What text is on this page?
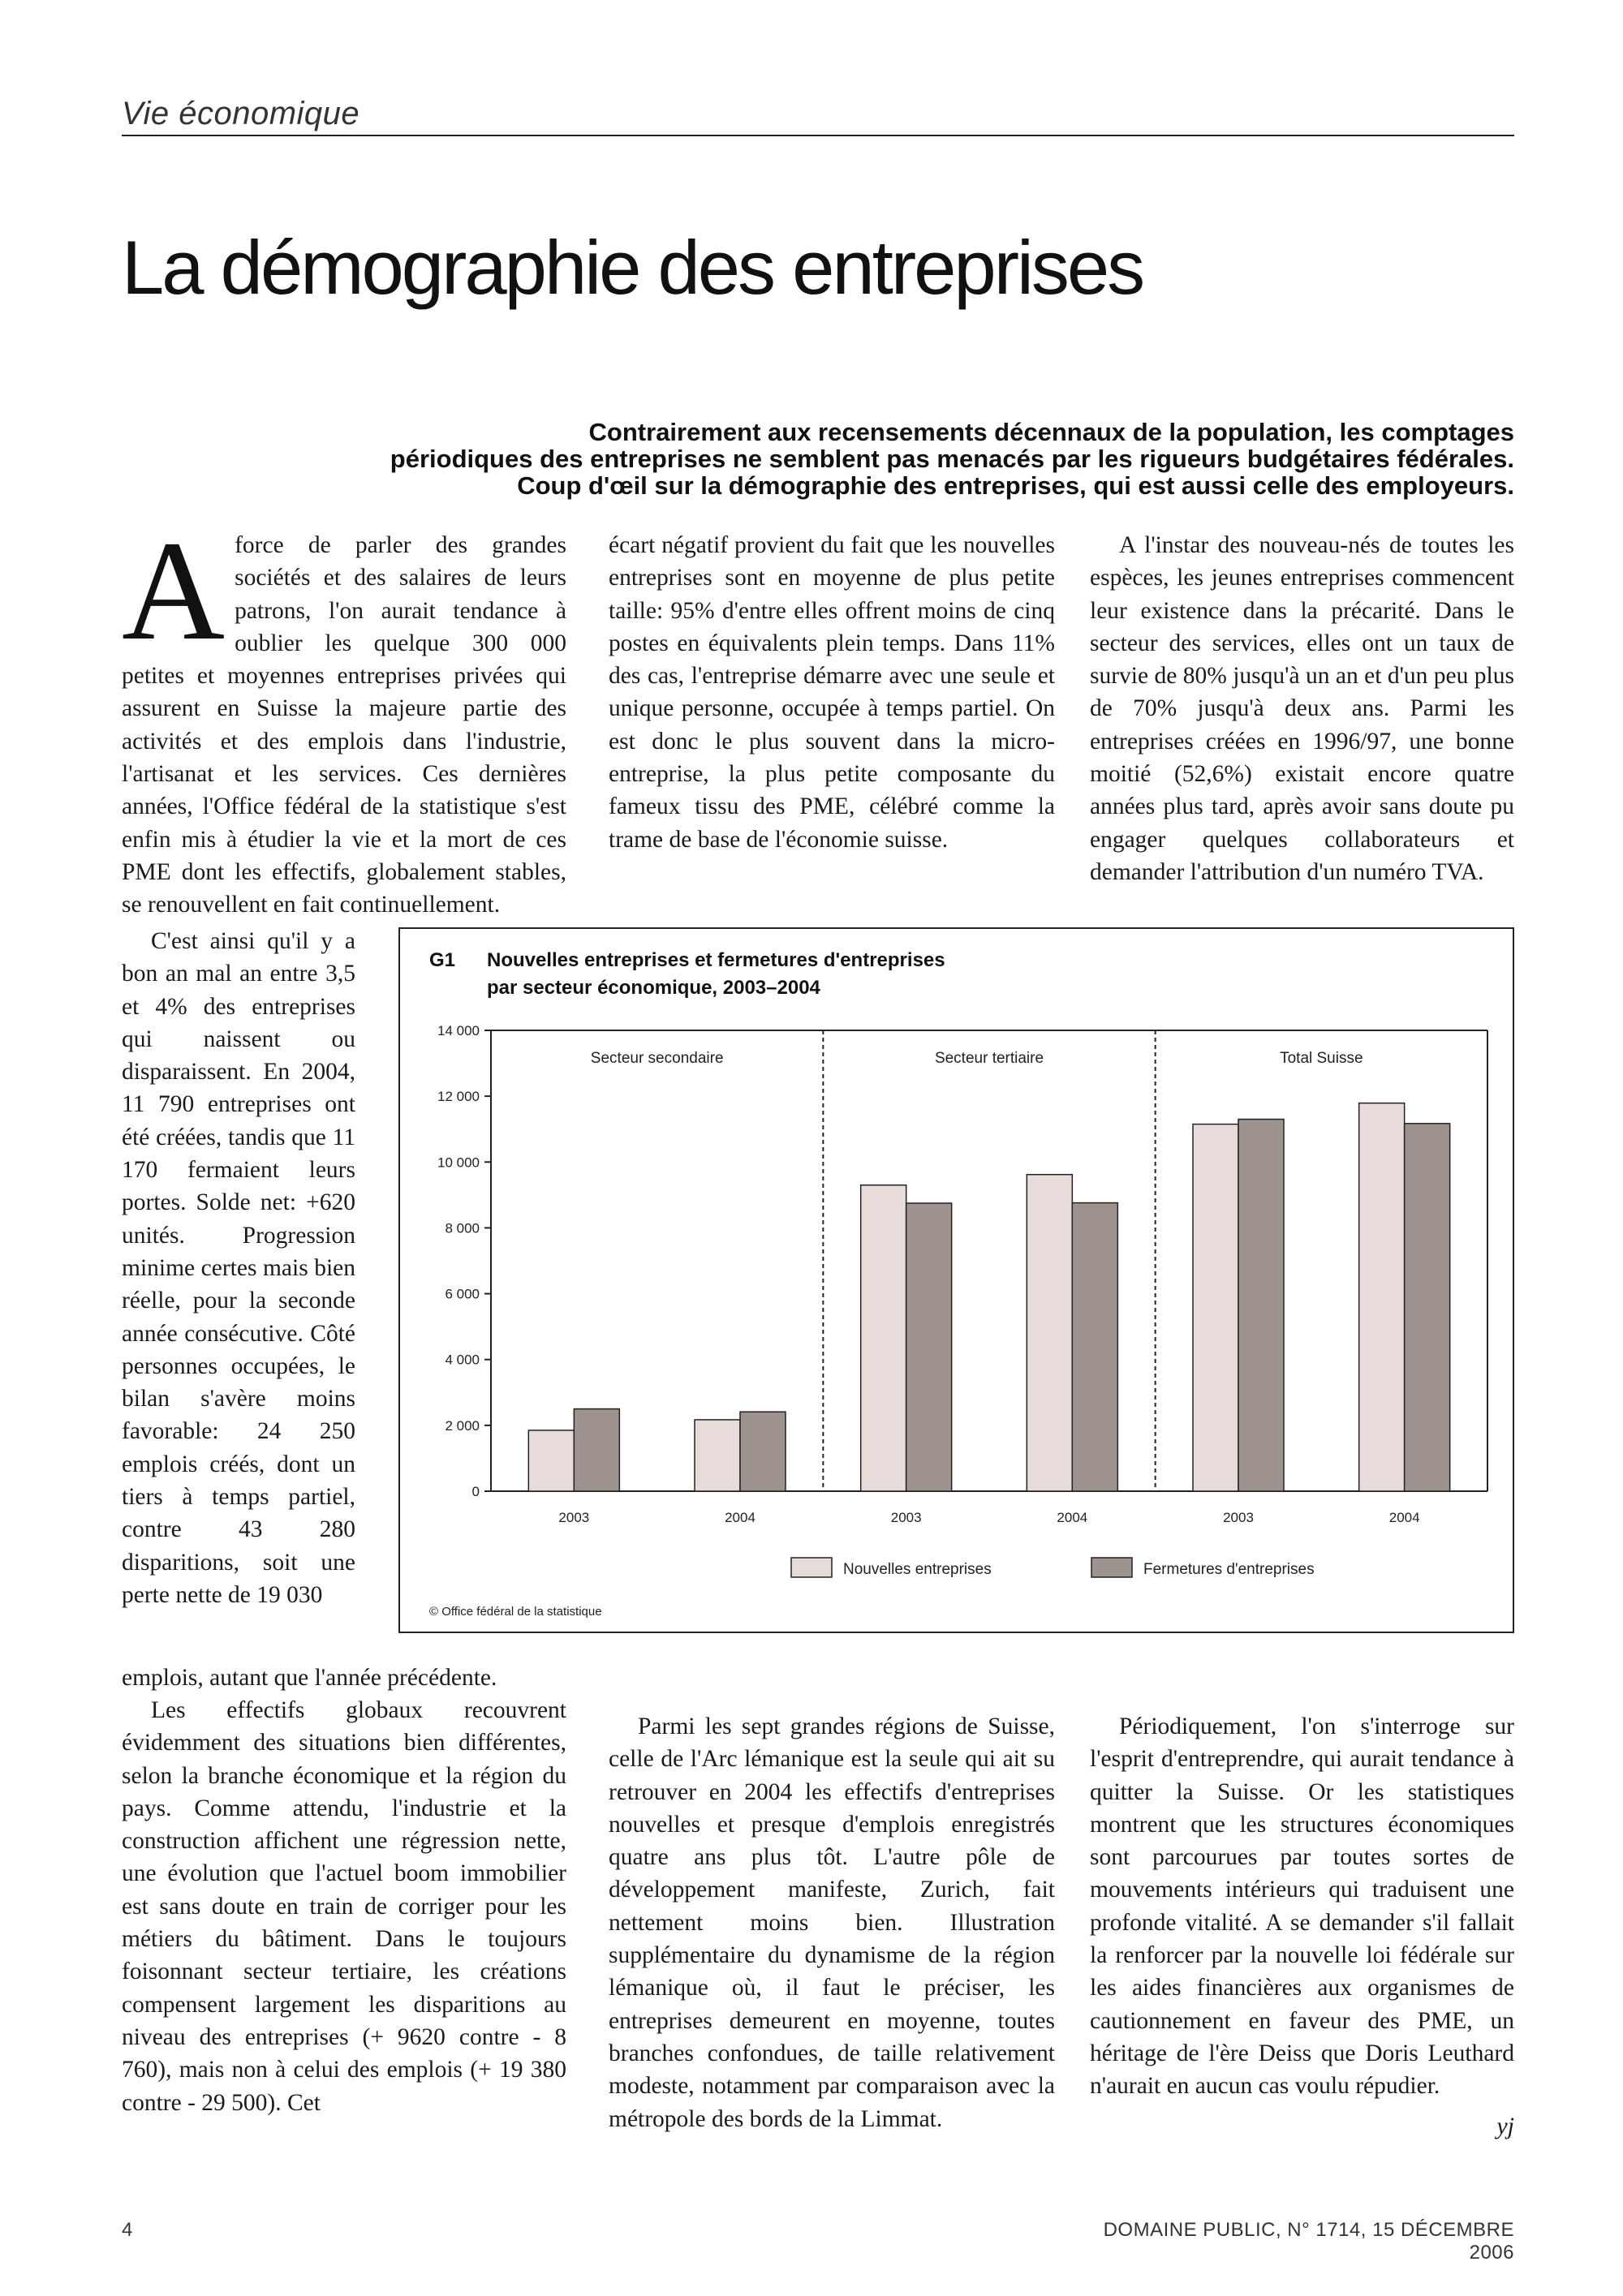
Vie économique
La démographie des entreprises
Contrairement aux recensements décennaux de la population, les comptages
périodiques des entreprises ne semblent pas menacés par les rigueurs budgétaires fédérales.
Coup d'œil sur la démographie des entreprises, qui est aussi celle des employeurs.
A force de parler des grandes sociétés et des salaires de leurs patrons, l'on aurait tendance à oublier les quelque 300 000 petites et moyennes entreprises privées qui assurent en Suisse la majeure partie des activités et des emplois dans l'industrie, l'artisanat et les services. Ces dernières années, l'Office fédéral de la statistique s'est enfin mis à étudier la vie et la mort de ces PME dont les effectifs, globalement stables, se renouvellent en fait continuellement.

C'est ainsi qu'il y a bon an mal an entre 3,5 et 4% des entreprises qui naissent ou disparaissent. En 2004, 11 790 entreprises ont été créées, tandis que 11 170 fermaient leurs portes. Solde net: +620 unités. Progression minime certes mais bien réelle, pour la seconde année consécutive. Côté personnes occupées, le bilan s'avère moins favorable: 24 250 emplois créés, dont un tiers à temps partiel, contre 43 280 disparitions, soit une perte nette de 19 030

emplois, autant que l'année précédente.

Les effectifs globaux recouvrent évidemment des situations bien différentes, selon la branche économique et la région du pays. Comme attendu, l'industrie et la construction affichent une régression nette, une évolution que l'actuel boom immobilier est sans doute en train de corriger pour les métiers du bâtiment. Dans le toujours foisonnant secteur tertiaire, les créations compensent largement les disparitions au niveau des entreprises (+ 9620 contre - 8 760), mais non à celui des emplois (+ 19 380 contre - 29 500). Cet

écart négatif provient du fait que les nouvelles entreprises sont en moyenne de plus petite taille: 95% d'entre elles offrent moins de cinq postes en équivalents plein temps. Dans 11% des cas, l'entreprise démarre avec une seule et unique personne, occupée à temps partiel. On est donc le plus souvent dans la micro-entreprise, la plus petite composante du fameux tissu des PME, célébré comme la trame de base de l'économie suisse.

Parmi les sept grandes régions de Suisse, celle de l'Arc lémanique est la seule qui ait su retrouver en 2004 les effectifs d'entreprises nouvelles et presque d'emplois enregistrés quatre ans plus tôt. L'autre pôle de développement manifeste, Zurich, fait nettement moins bien. Illustration supplémentaire du dynamisme de la région lémanique où, il faut le préciser, les entreprises demeurent en moyenne, toutes branches confondues, de taille relativement modeste, notamment par comparaison avec la métropole des bords de la Limmat.

A l'instar des nouveau-nés de toutes les espèces, les jeunes entreprises commencent leur existence dans la précarité. Dans le secteur des services, elles ont un taux de survie de 80% jusqu'à un an et d'un peu plus de 70% jusqu'à deux ans. Parmi les entreprises créées en 1996/97, une bonne moitié (52,6%) existait encore quatre années plus tard, après avoir sans doute pu engager quelques collaborateurs et demander l'attribution d'un numéro TVA.

Périodiquement, l'on s'interroge sur l'esprit d'entreprendre, qui aurait tendance à quitter la Suisse. Or les statistiques montrent que les structures économiques sont parcourues par toutes sortes de mouvements intérieurs qui traduisent une profonde vitalité. A se demander s'il fallait la renforcer par la nouvelle loi fédérale sur les aides financières aux organismes de cautionnement en faveur des PME, un héritage de l'ère Deiss que Doris Leuthard n'aurait en aucun cas voulu répudier.

yj
G1 Nouvelles entreprises et fermetures d'entreprises
par secteur économique, 2003–2004
0
2 000
4 000
6 000
8 000
10 000
12 000
14 000
Secteur secondaire	Secteur tertiaire	Total Suisse
2003	2004	2003	2004	2003	2004
Nouvelles entreprises	Fermetures d'entreprises
© Office fédéral de la statistique
4	DOMAINE PUBLIC, N° 1714, 15 DÉCEMBRE 2006
